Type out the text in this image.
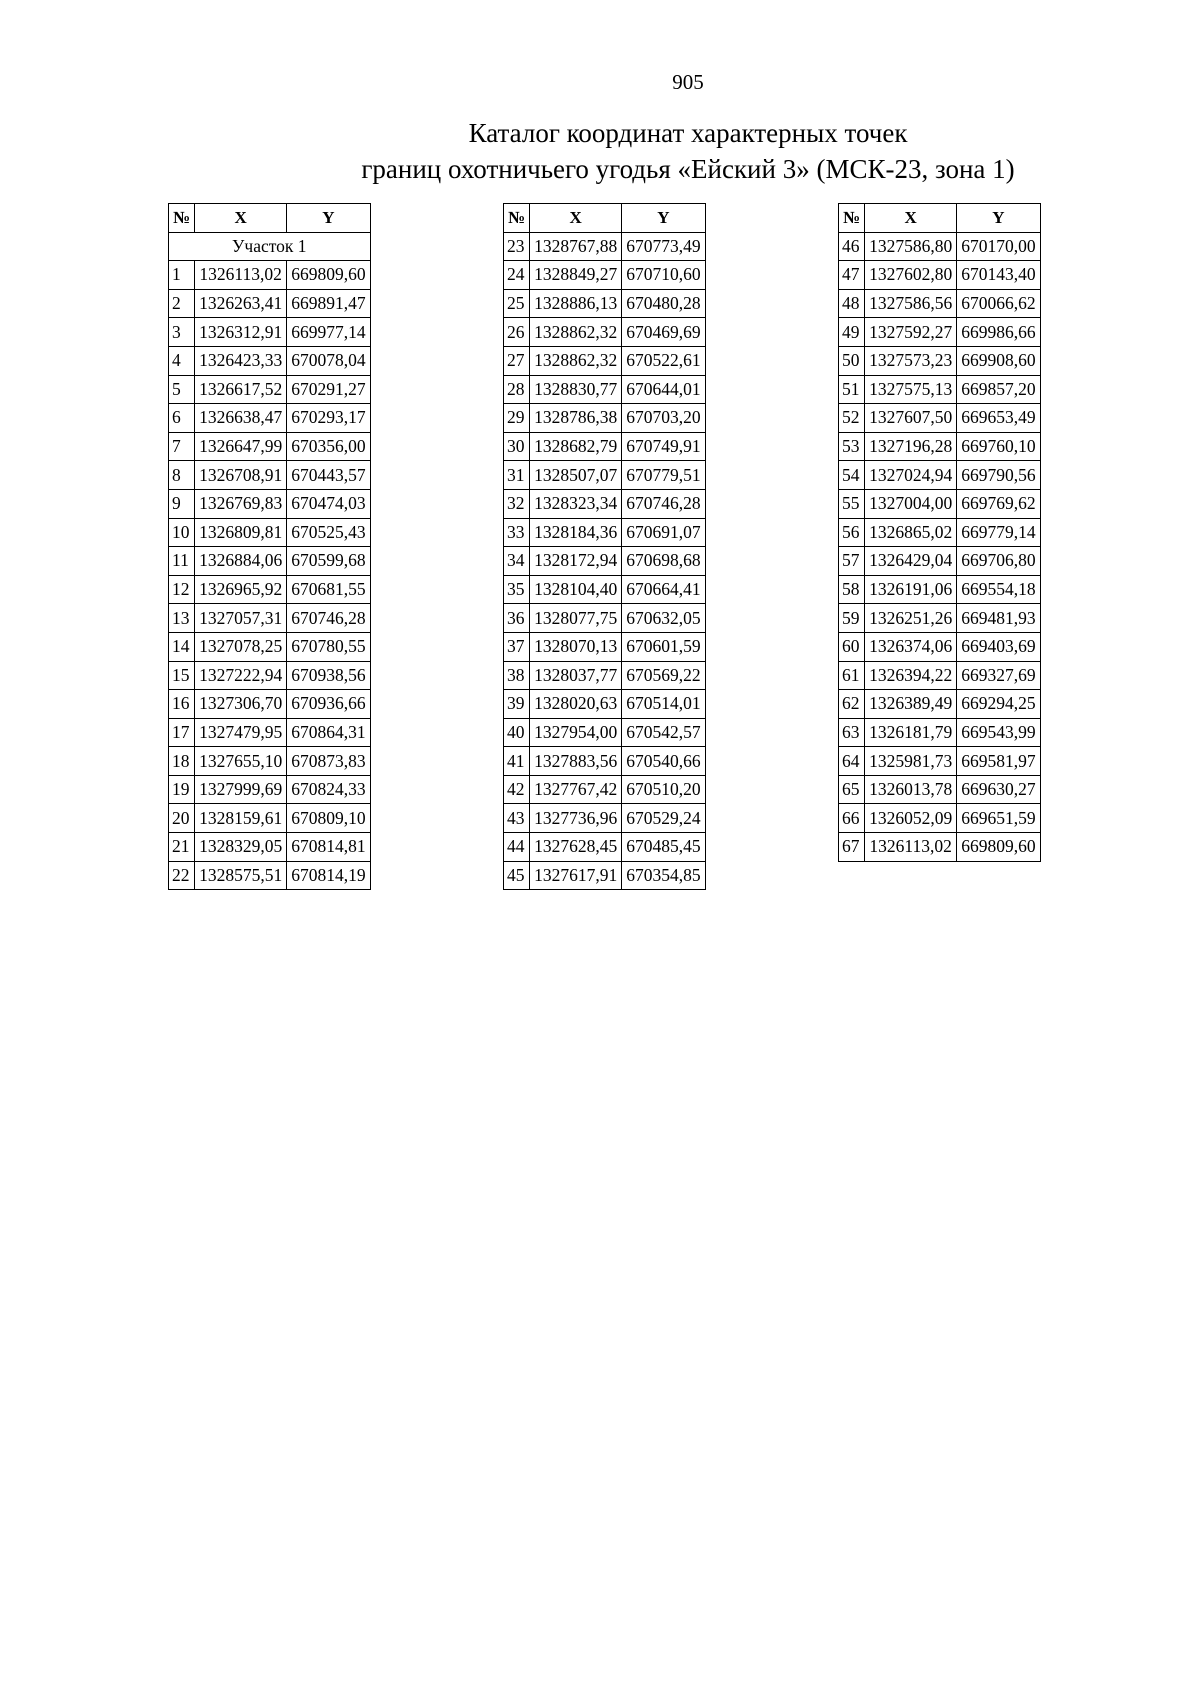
905
Каталог координат характерных точек
границ охотничьего угодья «Ейский 3» (МСК-23, зона 1)
№	X	Y
Участок 1		
1	1326113,02	669809,60
2	1326263,41	669891,47
3	1326312,91	669977,14
4	1326423,33	670078,04
5	1326617,52	670291,27
6	1326638,47	670293,17
7	1326647,99	670356,00
8	1326708,91	670443,57
9	1326769,83	670474,03
10	1326809,81	670525,43
11	1326884,06	670599,68
12	1326965,92	670681,55
13	1327057,31	670746,28
14	1327078,25	670780,55
15	1327222,94	670938,56
16	1327306,70	670936,66
17	1327479,95	670864,31
18	1327655,10	670873,83
19	1327999,69	670824,33
20	1328159,61	670809,10
21	1328329,05	670814,81
22	1328575,51	670814,19
№	X	Y
23	1328767,88	670773,49
24	1328849,27	670710,60
25	1328886,13	670480,28
26	1328862,32	670469,69
27	1328862,32	670522,61
28	1328830,77	670644,01
29	1328786,38	670703,20
30	1328682,79	670749,91
31	1328507,07	670779,51
32	1328323,34	670746,28
33	1328184,36	670691,07
34	1328172,94	670698,68
35	1328104,40	670664,41
36	1328077,75	670632,05
37	1328070,13	670601,59
38	1328037,77	670569,22
39	1328020,63	670514,01
40	1327954,00	670542,57
41	1327883,56	670540,66
42	1327767,42	670510,20
43	1327736,96	670529,24
44	1327628,45	670485,45
45	1327617,91	670354,85
№	X	Y
46	1327586,80	670170,00
47	1327602,80	670143,40
48	1327586,56	670066,62
49	1327592,27	669986,66
50	1327573,23	669908,60
51	1327575,13	669857,20
52	1327607,50	669653,49
53	1327196,28	669760,10
54	1327024,94	669790,56
55	1327004,00	669769,62
56	1326865,02	669779,14
57	1326429,04	669706,80
58	1326191,06	669554,18
59	1326251,26	669481,93
60	1326374,06	669403,69
61	1326394,22	669327,69
62	1326389,49	669294,25
63	1326181,79	669543,99
64	1325981,73	669581,97
65	1326013,78	669630,27
66	1326052,09	669651,59
67	1326113,02	669809,60
